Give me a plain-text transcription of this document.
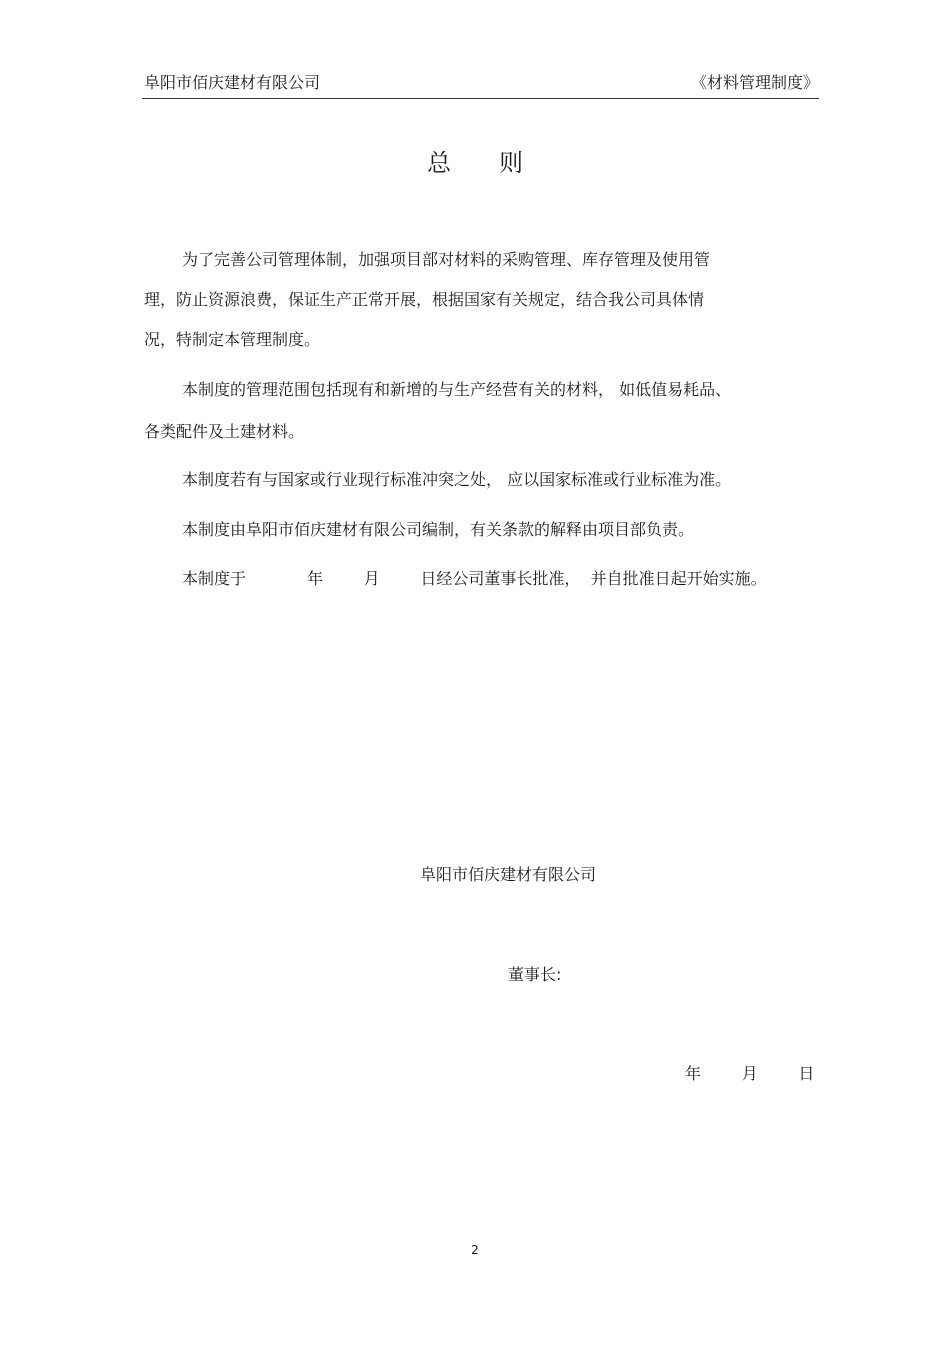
阜阳市佰庆建材有限公司	《材料管理制度》
总 则
为了完善公司管理体制，加强项目部对材料的采购管理、库存管理及使用管
理，防止资源浪费，保证生产正常开展，根据国家有关规定，结合我公司具体情
况，特制定本管理制度。
本制度的管理范围包括现有和新增的与生产经营有关的材料， 如低值易耗品、
各类配件及土建材料。
本制度若有与国家或行业现行标准冲突之处， 应以国家标准或行业标准为准。
本制度由阜阳市佰庆建材有限公司编制，有关条款的解释由项目部负责。
本制度于            年        月        日经公司董事长批准，  并自批准日起开始实施。
阜阳市佰庆建材有限公司
董事长:
年        月        日
2
